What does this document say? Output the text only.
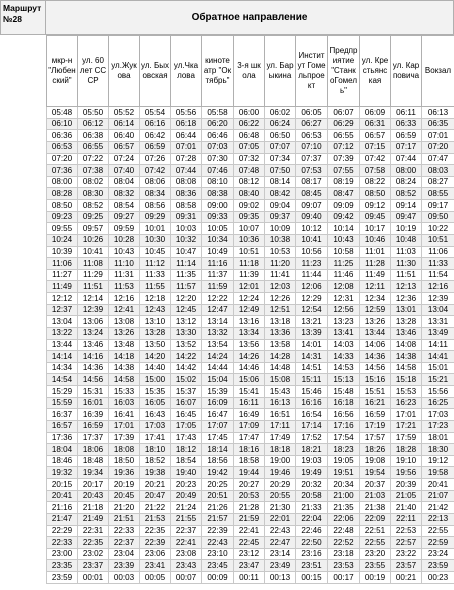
Маршрут
№28	Обратное направление
мкр-н "Любенский"	ул. 60 лет СССР	ул.Жукова	ул. Быховская	ул.Чкалова	кинотеатр "Октябрь"	3-я школа	ул. Барыкина	Институт Гомельпроект	Предприятие "СтанкоГомель"	ул. Крестьянская	ул. Карповича	Вокзал
05:48	05:50	05:52	05:54	05:56	05:58	06:00	06:02	06:05	06:07	06:09	06:11	06:13
06:10	06:12	06:14	06:16	06:18	06:20	06:22	06:24	06:27	06:29	06:31	06:33	06:35
06:36	06:38	06:40	06:42	06:44	06:46	06:48	06:50	06:53	06:55	06:57	06:59	07:01
06:53	06:55	06:57	06:59	07:01	07:03	07:05	07:07	07:10	07:12	07:15	07:17	07:20
07:20	07:22	07:24	07:26	07:28	07:30	07:32	07:34	07:37	07:39	07:42	07:44	07:47
07:36	07:38	07:40	07:42	07:44	07:46	07:48	07:50	07:53	07:55	07:58	08:00	08:03
08:00	08:02	08:04	08:06	08:08	08:10	08:12	08:14	08:17	08:19	08:22	08:24	08:27
08:28	08:30	08:32	08:34	08:36	08:38	08:40	08:42	08:45	08:47	08:50	08:52	08:55
08:50	08:52	08:54	08:56	08:58	09:00	09:02	09:04	09:07	09:09	09:12	09:14	09:17
09:23	09:25	09:27	09:29	09:31	09:33	09:35	09:37	09:40	09:42	09:45	09:47	09:50
09:55	09:57	09:59	10:01	10:03	10:05	10:07	10:09	10:12	10:14	10:17	10:19	10:22
10:24	10:26	10:28	10:30	10:32	10:34	10:36	10:38	10:41	10:43	10:46	10:48	10:51
10:39	10:41	10:43	10:45	10:47	10:49	10:51	10:53	10:56	10:58	11:01	11:03	11:06
11:06	11:08	11:10	11:12	11:14	11:16	11:18	11:20	11:23	11:25	11:28	11:30	11:33
11:27	11:29	11:31	11:33	11:35	11:37	11:39	11:41	11:44	11:46	11:49	11:51	11:54
11:49	11:51	11:53	11:55	11:57	11:59	12:01	12:03	12:06	12:08	12:11	12:13	12:16
12:12	12:14	12:16	12:18	12:20	12:22	12:24	12:26	12:29	12:31	12:34	12:36	12:39
12:37	12:39	12:41	12:43	12:45	12:47	12:49	12:51	12:54	12:56	12:59	13:01	13:04
13:04	13:06	13:08	13:10	13:12	13:14	13:16	13:18	13:21	13:23	13:26	13:28	13:31
13:22	13:24	13:26	13:28	13:30	13:32	13:34	13:36	13:39	13:41	13:44	13:46	13:49
13:44	13:46	13:48	13:50	13:52	13:54	13:56	13:58	14:01	14:03	14:06	14:08	14:11
14:14	14:16	14:18	14:20	14:22	14:24	14:26	14:28	14:31	14:33	14:36	14:38	14:41
14:34	14:36	14:38	14:40	14:42	14:44	14:46	14:48	14:51	14:53	14:56	14:58	15:01
14:54	14:56	14:58	15:00	15:02	15:04	15:06	15:08	15:11	15:13	15:16	15:18	15:21
15:29	15:31	15:33	15:35	15:37	15:39	15:41	15:43	15:46	15:48	15:51	15:53	15:56
15:59	16:01	16:03	16:05	16:07	16:09	16:11	16:13	16:16	16:18	16:21	16:23	16:25
16:37	16:39	16:41	16:43	16:45	16:47	16:49	16:51	16:54	16:56	16:59	17:01	17:03
16:57	16:59	17:01	17:03	17:05	17:07	17:09	17:11	17:14	17:16	17:19	17:21	17:23
17:36	17:37	17:39	17:41	17:43	17:45	17:47	17:49	17:52	17:54	17:57	17:59	18:01
18:04	18:06	18:08	18:10	18:12	18:14	18:16	18:18	18:21	18:23	18:26	18:28	18:30
18:46	18:48	18:50	18:52	18:54	18:56	18:58	19:00	19:03	19:05	19:08	19:10	19:12
19:32	19:34	19:36	19:38	19:40	19:42	19:44	19:46	19:49	19:51	19:54	19:56	19:58
20:15	20:17	20:19	20:21	20:23	20:25	20:27	20:29	20:32	20:34	20:37	20:39	20:41
20:41	20:43	20:45	20:47	20:49	20:51	20:53	20:55	20:58	21:00	21:03	21:05	21:07
21:16	21:18	21:20	21:22	21:24	21:26	21:28	21:30	21:33	21:35	21:38	21:40	21:42
21:47	21:49	21:51	21:53	21:55	21:57	21:59	22:01	22:04	22:06	22:09	22:11	22:13
22:29	22:31	22:33	22:35	22:37	22:39	22:41	22:43	22:46	22:48	22:51	22:53	22:55
22:33	22:35	22:37	22:39	22:41	22:43	22:45	22:47	22:50	22:52	22:55	22:57	22:59
23:00	23:02	23:04	23:06	23:08	23:10	23:12	23:14	23:16	23:18	23:20	23:22	23:24
23:35	23:37	23:39	23:41	23:43	23:45	23:47	23:49	23:51	23:53	23:55	23:57	23:59
23:59	00:01	00:03	00:05	00:07	00:09	00:11	00:13	00:15	00:17	00:19	00:21	00:23
